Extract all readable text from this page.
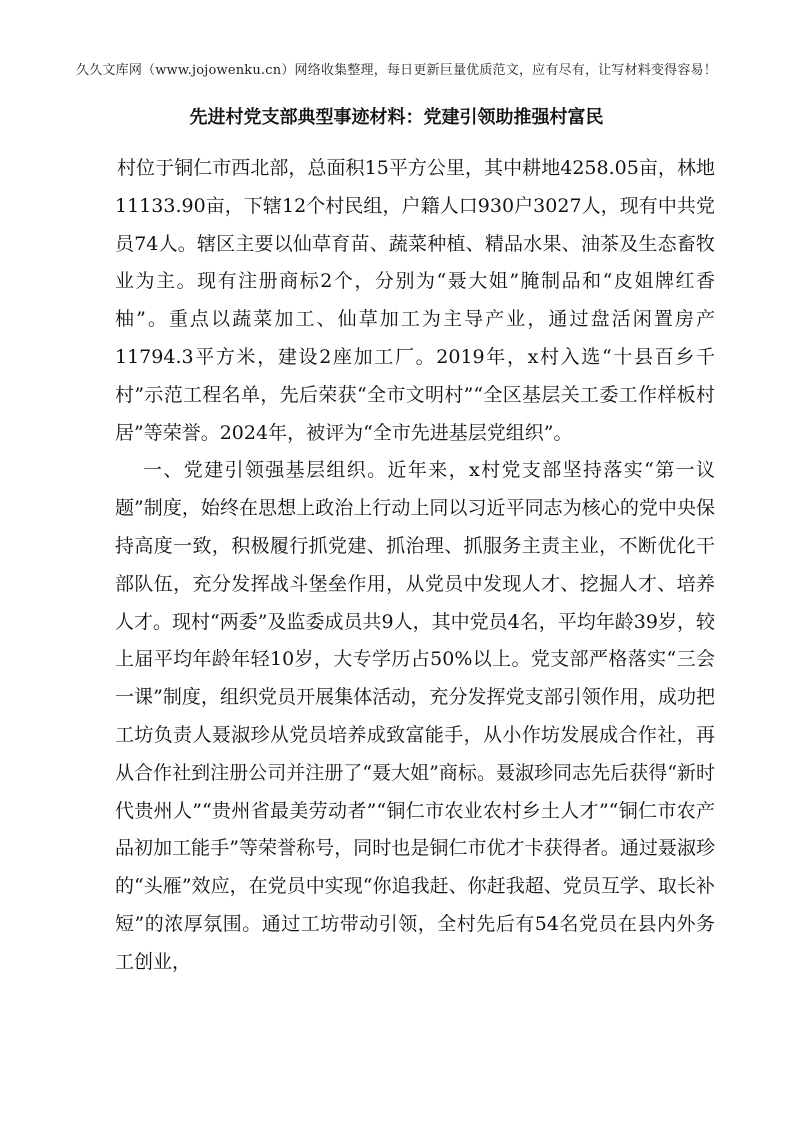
久久文库网（www.jojowenku.cn）网络收集整理，每日更新巨量优质范文，应有尽有，让写材料变得容易！
先进村党支部典型事迹材料：党建引领助推强村富民

村位于铜仁市西北部，总面积15平方公里，其中耕地4258.05亩，林地11133.90亩，下辖12个村民组，户籍人口930户3027人，现有中共党员74人。辖区主要以仙草育苗、蔬菜种植、精品水果、油茶及生态畜牧业为主。现有注册商标2个，分别为“聂大姐”腌制品和“皮姐牌红香柚”。重点以蔬菜加工、仙草加工为主导产业，通过盘活闲置房产11794.3平方米，建设2座加工厂。2019年，x村入选“十县百乡千村”示范工程名单，先后荣获“全市文明村”“全区基层关工委工作样板村居”等荣誉。2024年，被评为“全市先进基层党组织”。

一、党建引领强基层组织。近年来，x村党支部坚持落实“第一议题”制度，始终在思想上政治上行动上同以习近平同志为核心的党中央保持高度一致，积极履行抓党建、抓治理、抓服务主责主业，不断优化干部队伍，充分发挥战斗堡垒作用，从党员中发现人才、挖掘人才、培养人才。现村“两委”及监委成员共9人，其中党员4名，平均年龄39岁，较上届平均年龄年轻10岁，大专学历占50%以上。党支部严格落实“三会一课”制度，组织党员开展集体活动，充分发挥党支部引领作用，成功把工坊负责人聂淑珍从党员培养成致富能手，从小作坊发展成合作社，再从合作社到注册公司并注册了“聂大姐”商标。聂淑珍同志先后获得“新时代贵州人”“贵州省最美劳动者”“铜仁市农业农村乡土人才”“铜仁市农产品初加工能手”等荣誉称号，同时也是铜仁市优才卡获得者。通过聂淑珍的“头雁”效应，在党员中实现“你追我赶、你赶我超、党员互学、取长补短”的浓厚氛围。通过工坊带动引领，全村先后有54名党员在县内外务工创业，
